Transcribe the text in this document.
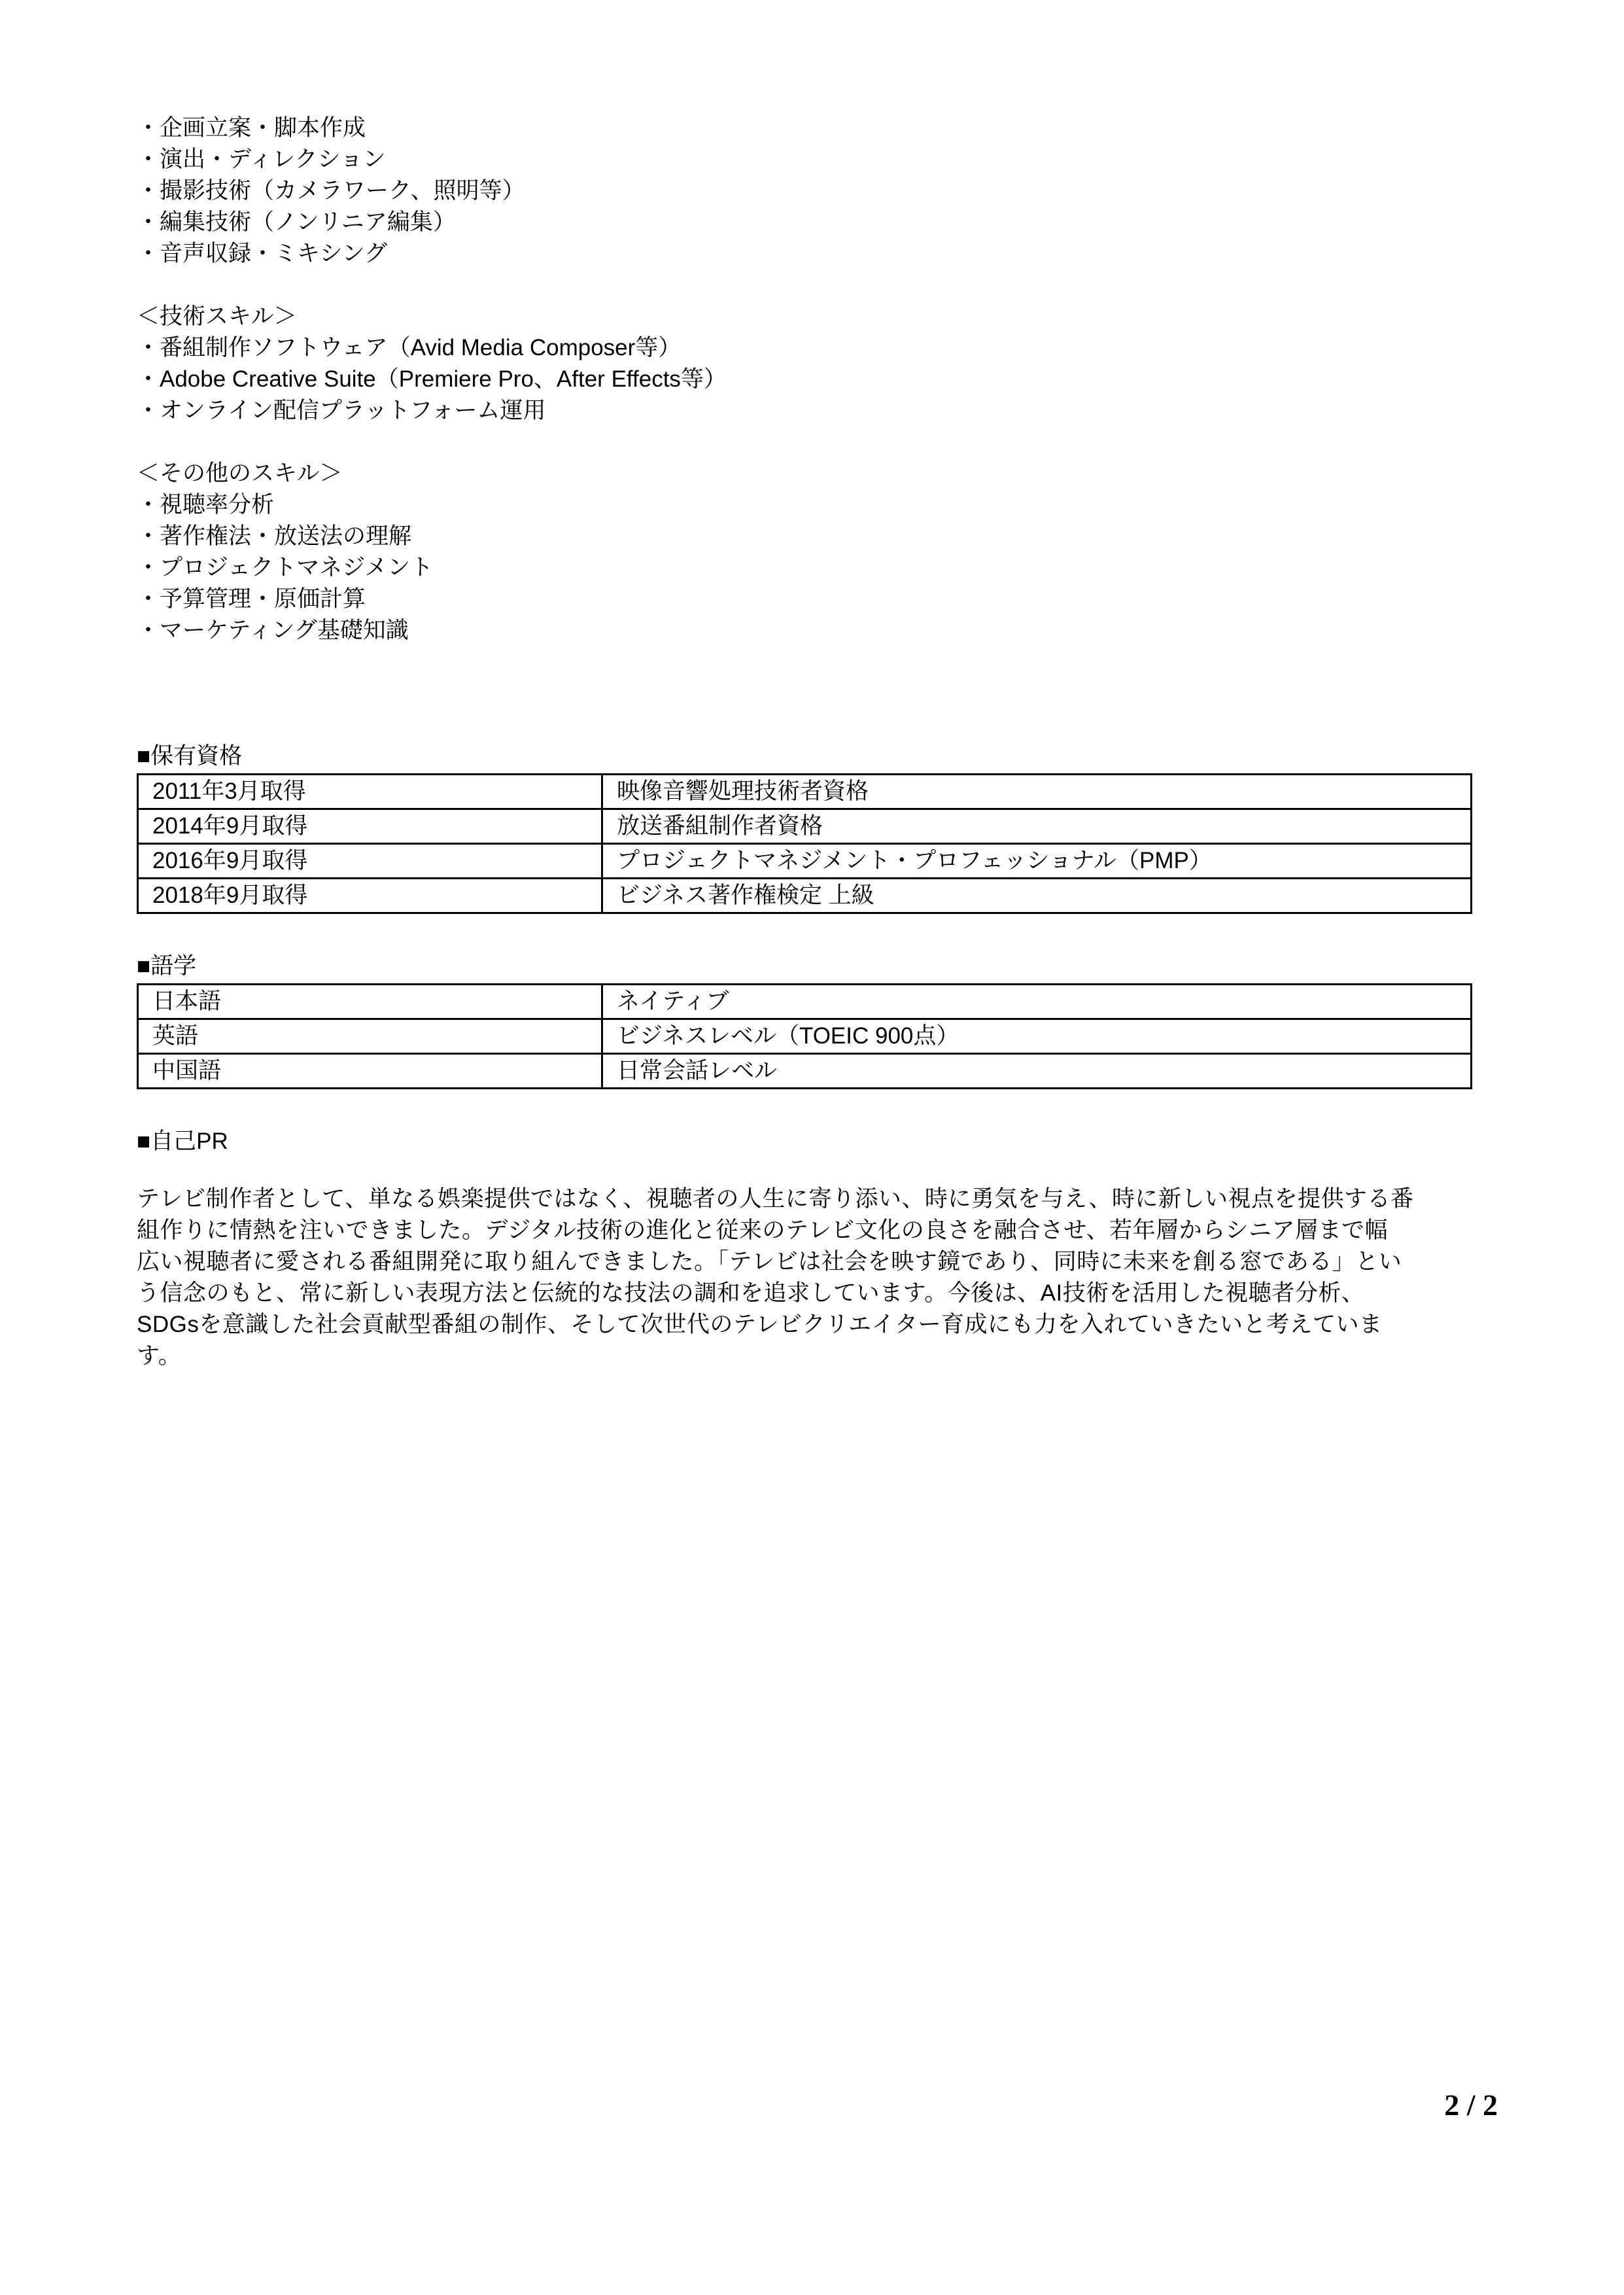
・企画立案・脚本作成
・演出・ディレクション
・撮影技術（カメラワーク、照明等）
・編集技術（ノンリニア編集）
・音声収録・ミキシング
＜技術スキル＞
・番組制作ソフトウェア（Avid Media Composer等）
・Adobe Creative Suite（Premiere Pro、After Effects等）
・オンライン配信プラットフォーム運用
＜その他のスキル＞
・視聴率分析
・著作権法・放送法の理解
・プロジェクトマネジメント
・予算管理・原価計算
・マーケティング基礎知識
■保有資格
2011年3月取得	映像音響処理技術者資格
2014年9月取得	放送番組制作者資格
2016年9月取得	プロジェクトマネジメント・プロフェッショナル（PMP）
2018年9月取得	ビジネス著作権検定 上級
■語学
日本語	ネイティブ
英語	ビジネスレベル（TOEIC 900点）
中国語	日常会話レベル
■自己PR
テレビ制作者として、単なる娯楽提供ではなく、視聴者の人生に寄り添い、時に勇気を与え、時に新しい視点を提供する番
組作りに情熱を注いできました。デジタル技術の進化と従来のテレビ文化の良さを融合させ、若年層からシニア層まで幅
広い視聴者に愛される番組開発に取り組んできました。「テレビは社会を映す鏡であり、同時に未来を創る窓である」とい
う信念のもと、常に新しい表現方法と伝統的な技法の調和を追求しています。今後は、AI技術を活用した視聴者分析、
SDGsを意識した社会貢献型番組の制作、そして次世代のテレビクリエイター育成にも力を入れていきたいと考えていま
す。
2 / 2
